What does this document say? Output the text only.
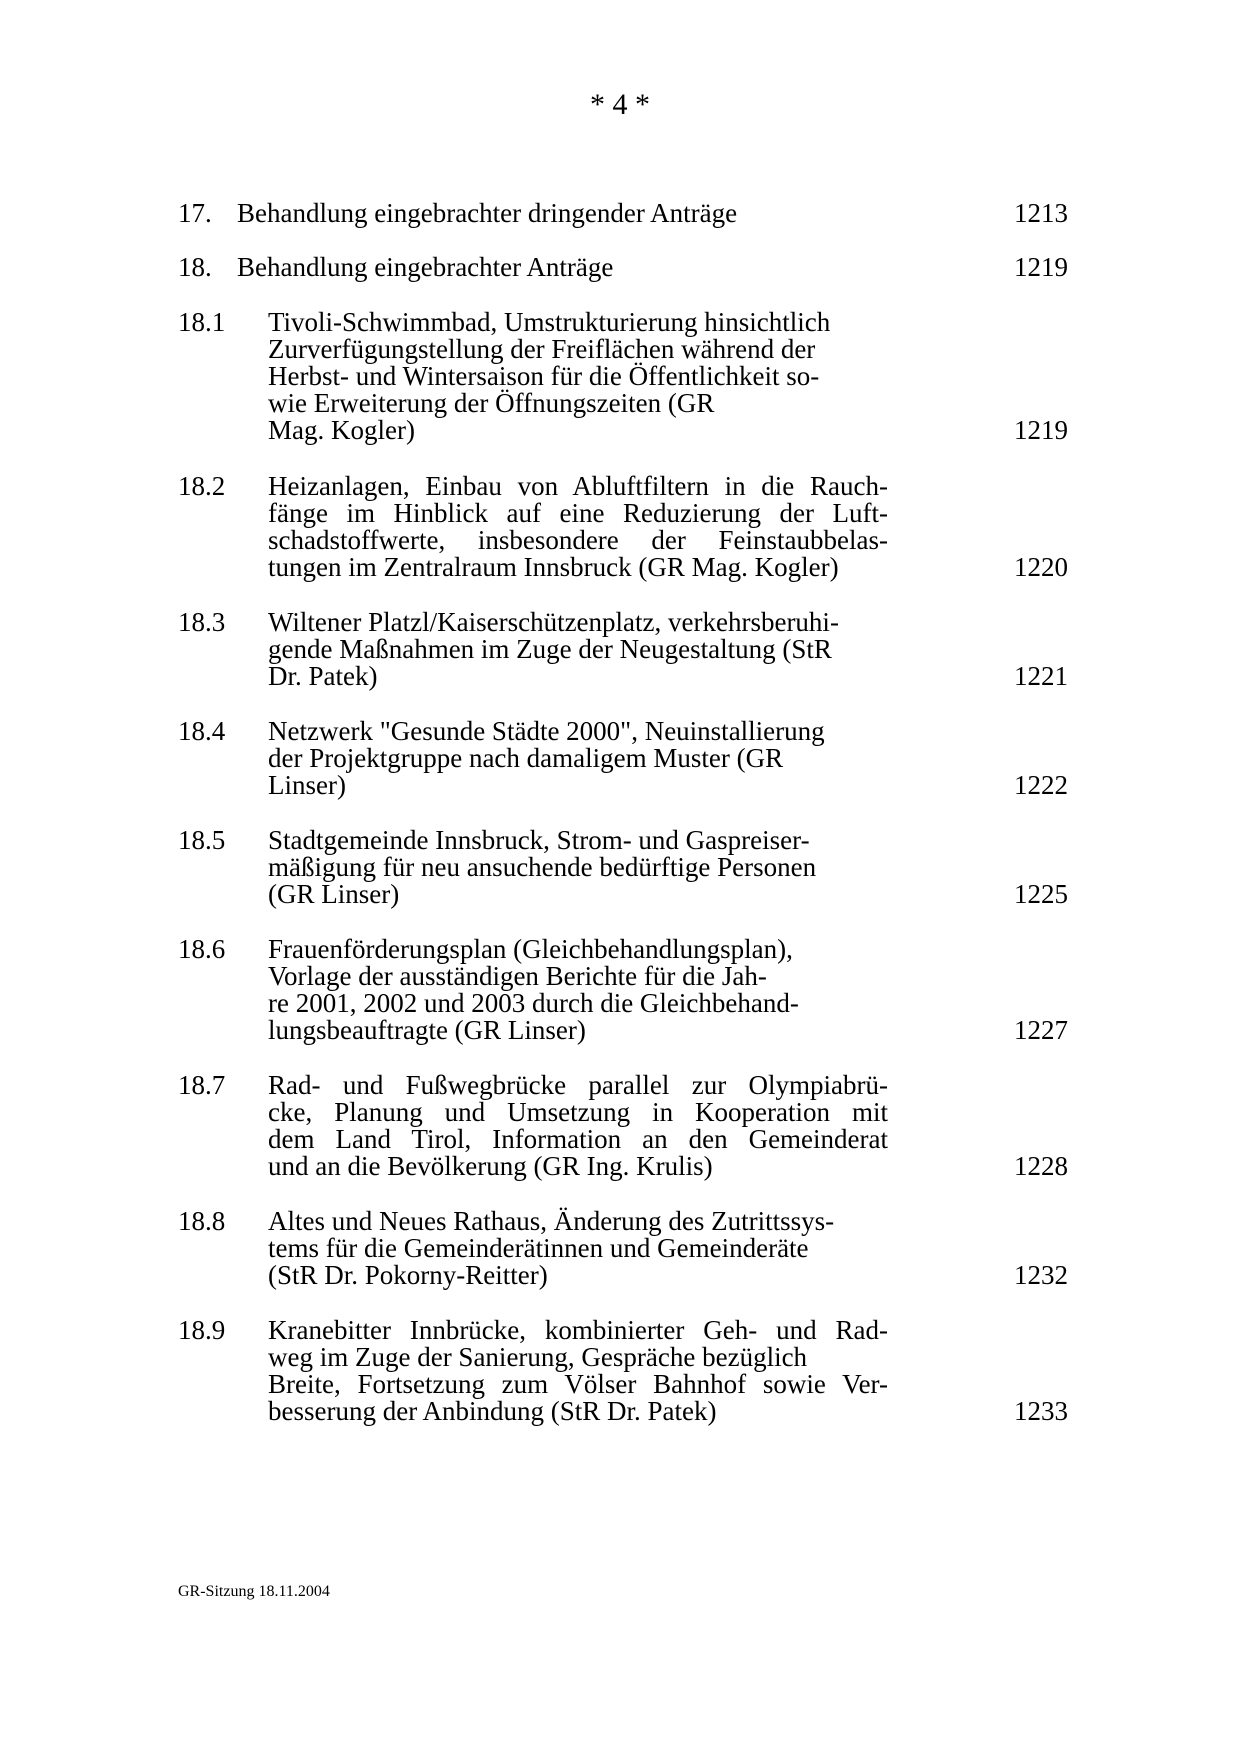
* 4 *
17. Behandlung eingebrachter dringender Anträge	1213
18. Behandlung eingebrachter Anträge	1219
18.1 Tivoli-Schwimmbad, Umstrukturierung hinsichtlich
Zurverfügungstellung der Freiflächen während der
Herbst- und Wintersaison für die Öffentlichkeit so-
wie Erweiterung der Öffnungszeiten (GR
Mag. Kogler)	1219
18.2 Heizanlagen, Einbau von Abluftfiltern in die Rauch-
fänge im Hinblick auf eine Reduzierung der Luft-
schadstoffwerte, insbesondere der Feinstaubbelas-
tungen im Zentralraum Innsbruck (GR Mag. Kogler)	1220
18.3 Wiltener Platzl/Kaiserschützenplatz, verkehrsberuhi-
gende Maßnahmen im Zuge der Neugestaltung (StR
Dr. Patek)	1221
18.4 Netzwerk "Gesunde Städte 2000", Neuinstallierung
der Projektgruppe nach damaligem Muster (GR
Linser)	1222
18.5 Stadtgemeinde Innsbruck, Strom- und Gaspreiser-
mäßigung für neu ansuchende bedürftige Personen
(GR Linser)	1225
18.6 Frauenförderungsplan (Gleichbehandlungsplan),
Vorlage der ausständigen Berichte für die Jah-
re 2001, 2002 und 2003 durch die Gleichbehand-
lungsbeauftragte (GR Linser)	1227
18.7 Rad- und Fußwegbrücke parallel zur Olympiabrü-
cke, Planung und Umsetzung in Kooperation mit
dem Land Tirol, Information an den Gemeinderat
und an die Bevölkerung (GR Ing. Krulis)	1228
18.8 Altes und Neues Rathaus, Änderung des Zutrittssys-
tems für die Gemeinderätinnen und Gemeinderäte
(StR Dr. Pokorny-Reitter)	1232
18.9 Kranebitter Innbrücke, kombinierter Geh- und Rad-
weg im Zuge der Sanierung, Gespräche bezüglich
Breite, Fortsetzung zum Völser Bahnhof sowie Ver-
besserung der Anbindung (StR Dr. Patek)	1233
GR-Sitzung 18.11.2004
